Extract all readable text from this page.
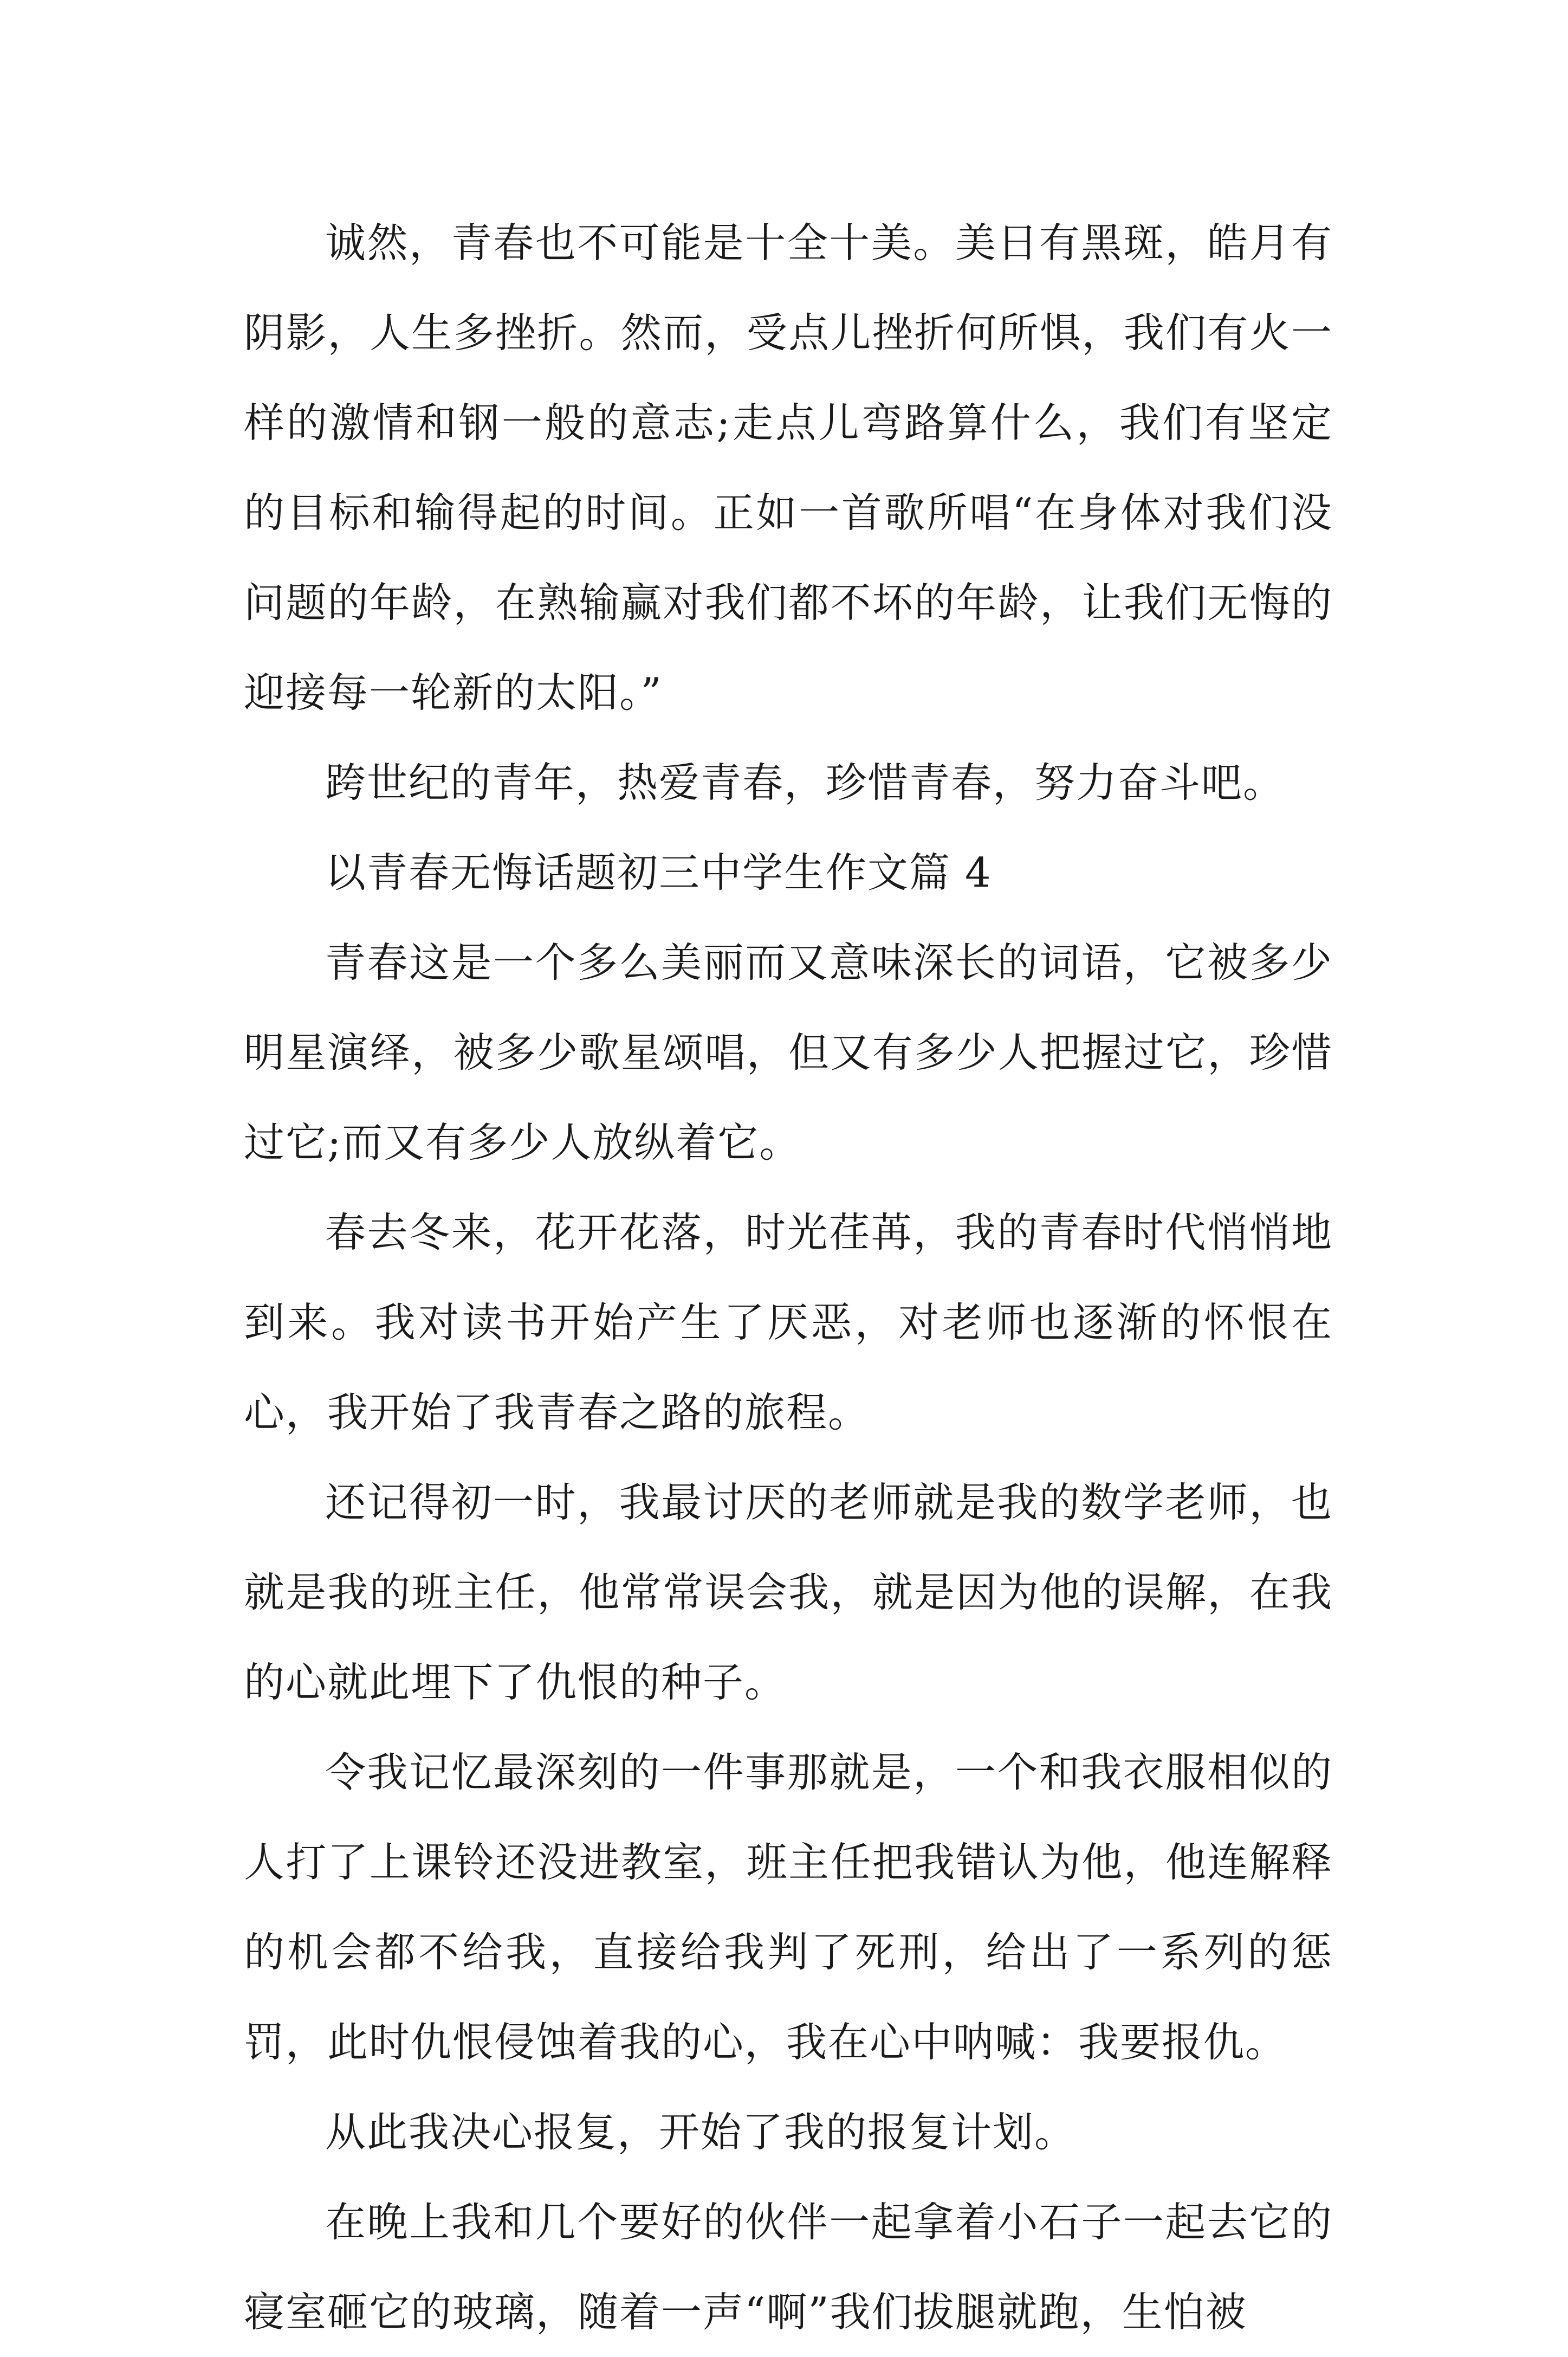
诚然，青春也不可能是十全十美。美日有黑斑，皓月有阴影，人生多挫折。然而，受点儿挫折何所惧，我们有火一样的激情和钢一般的意志;走点儿弯路算什么，我们有坚定的目标和输得起的时间。正如一首歌所唱“在身体对我们没问题的年龄，在熟输赢对我们都不坏的年龄，让我们无悔的迎接每一轮新的太阳。”

跨世纪的青年，热爱青春，珍惜青春，努力奋斗吧。

以青春无悔话题初三中学生作文篇 4

青春这是一个多么美丽而又意味深长的词语，它被多少明星演绎，被多少歌星颂唱，但又有多少人把握过它，珍惜过它;而又有多少人放纵着它。

春去冬来，花开花落，时光荏苒，我的青春时代悄悄地到来。我对读书开始产生了厌恶，对老师也逐渐的怀恨在心，我开始了我青春之路的旅程。

还记得初一时，我最讨厌的老师就是我的数学老师，也就是我的班主任，他常常误会我，就是因为他的误解，在我的心就此埋下了仇恨的种子。

令我记忆最深刻的一件事那就是，一个和我衣服相似的人打了上课铃还没进教室，班主任把我错认为他，他连解释的机会都不给我，直接给我判了死刑，给出了一系列的惩罚，此时仇恨侵蚀着我的心，我在心中呐喊：我要报仇。

从此我决心报复，开始了我的报复计划。

在晚上我和几个要好的伙伴一起拿着小石子一起去它的寝室砸它的玻璃，随着一声“啊”我们拔腿就跑，生怕被
